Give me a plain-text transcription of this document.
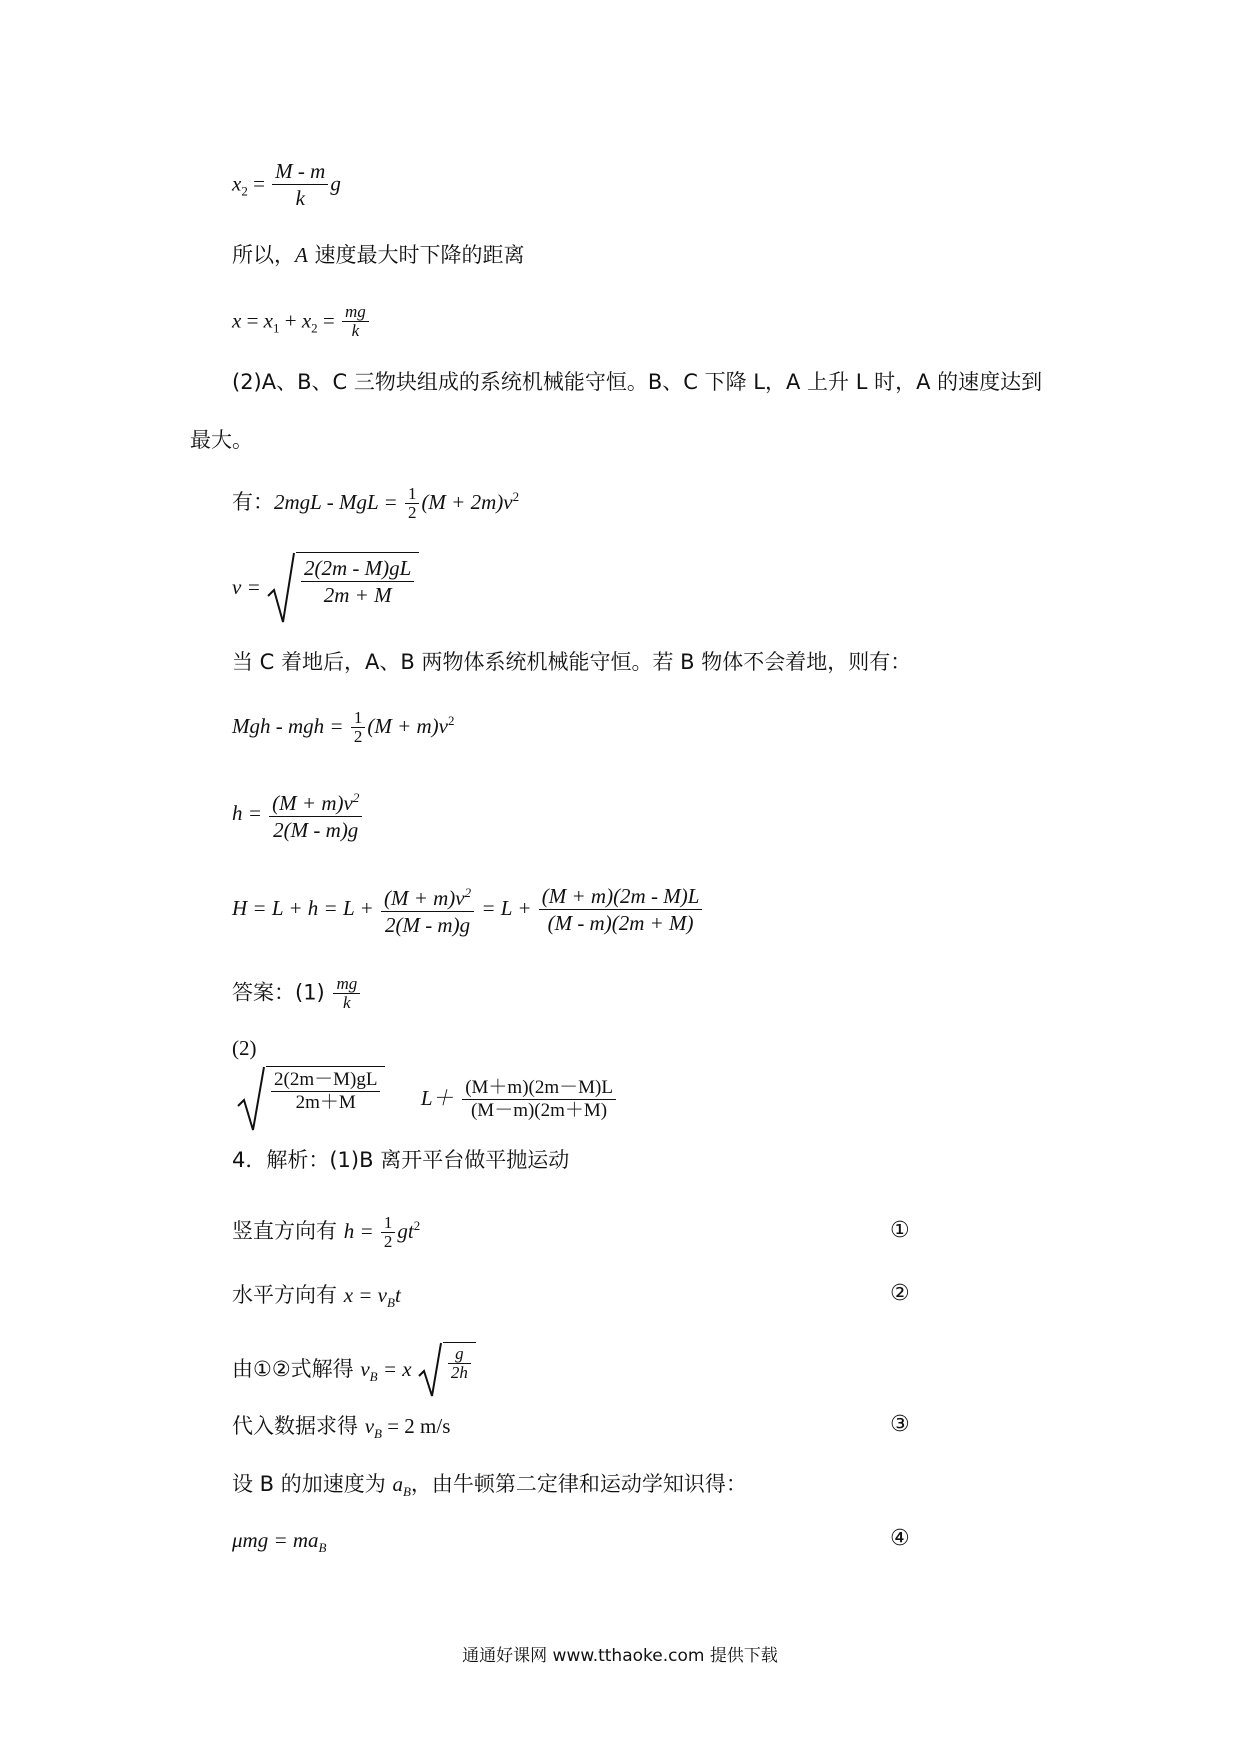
$x_2 = \frac{M - m}{k}$ g
所以，A 速度最大时下降的距离
$x = x_1 + x_2 = \frac{mg}{k}$
(2)A、B、C 三物块组成的系统机械能守恒。B、C 下降 L，A 上升 L 时，A 的速度达到
最大。
有：2mgL - MgL = $\frac{1}{2} (M + 2m)v^2$
$v = \frac{2(2m - M)gL}{2m + M}$
当 C 着地后，A、B 两物体系统机械能守恒。若 B 物体不会着地，则有：
Mgh - mgh = $\frac{1}{2} (M + m)v^2$
$h = \frac{(M + m)v^2}{2(M - m)g}$
$H = L + h = L + \frac{(M + m)v^2}{2(M - m)g} = L + \frac{(M + m)(2m - M)L}{(M - m)(2m + M)}$
答案：$(1) \frac{mg}{k}$
(2)
$\frac{2(2m-M)gL}{2m+M} L+ \frac{(M+m)(2m-M)L}{(M-m)(2m+M)}$
4．解析：(1)B 离开平台做平抛运动
竖直方向有 $h = \frac{1}{2} gt^2$	①
水平方向有 $x = v_Bt$	②
由①②式解得 $v_B = x \frac{g}{2h}$
代入数据求得 $v_B = 2$ m/s	③
设 B 的加速度为 $a_B$，由牛顿第二定律和运动学知识得：
$\mu mg = ma_B$	④
通通好课网 www.tthaoke.com 提供下载
